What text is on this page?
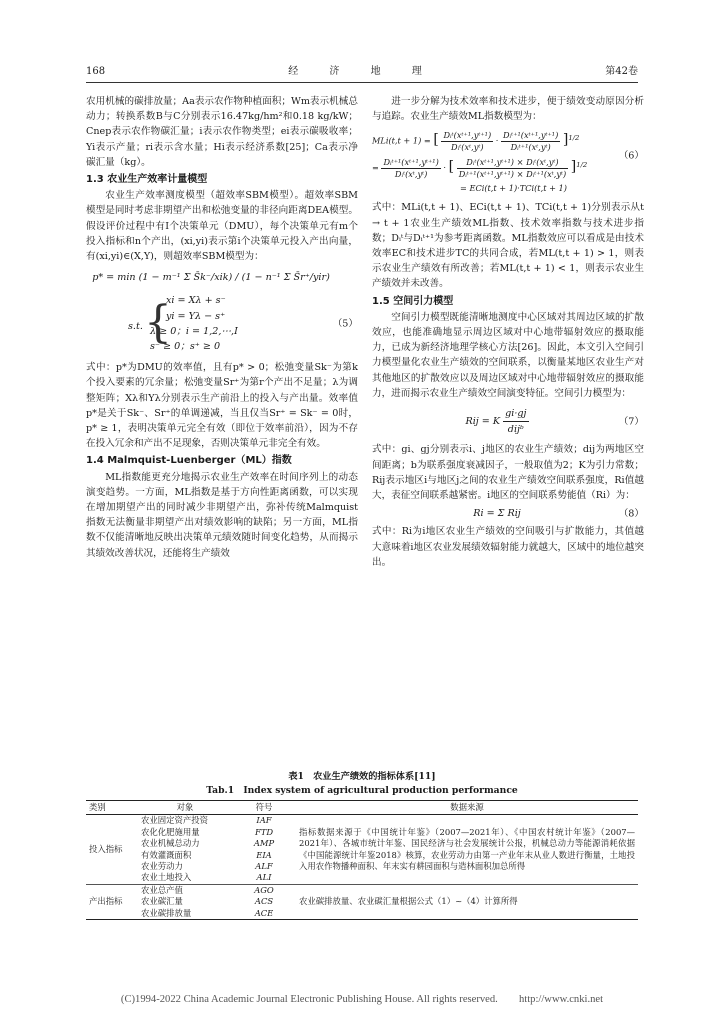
168	经 济 地 理	第42卷

农用机械的碳排放量；Aa表示农作物种植面积；Wm表示机械总动力；转换系数B与C分别表示16.47kg/hm²和0.18 kg/kW；Cnep表示农作物碳汇量；i表示农作物类型；ei表示碳吸收率；Yi表示产量；ri表示含水量；Hi表示经济系数[25]；Ca表示净碳汇量（kg）。

1.3 农业生产效率计量模型

农业生产效率测度模型（超效率SBM模型）。超效率SBM模型是同时考虑非期望产出和松弛变量的非径向距离DEA模型。假设评价过程中有I个决策单元（DMU），每个决策单元有m个投入指标和n个产出，(xi,yi)表示第i个决策单元投入产出向量，有(xi,yi)∈(X,Y)，则超效率SBM模型为：

p* = min (1 − m⁻¹ Σ S̄k⁻/xik) / (1 − n⁻¹ Σ S̄r⁺/yir)
s.t. {
xi = Xλ + s⁻
yi = Yλ − s⁺
λ ≥ 0；i = 1,2,⋯,I
s⁻ ≥ 0；s⁺ ≥ 0
（5）

式中：p*为DMU的效率值，且有p* > 0；松弛变量Sk⁻为第k个投入要素的冗余量；松弛变量Sr⁺为第r个产出不足量；λ为调整矩阵；Xλ和Yλ分别表示生产前沿上的投入与产出量。效率值p*是关于Sk⁻、Sr⁺的单调递减，当且仅当Sr⁺ = Sk⁻ = 0时，p* ≥ 1，表明决策单元完全有效（即位于效率前沿），因为不存在投入冗余和产出不足现象，否则决策单元非完全有效。

1.4 Malmquist-Luenberger（ML）指数

ML指数能更充分地揭示农业生产效率在时间序列上的动态演变趋势。一方面，ML指数是基于方向性距离函数，可以实现在增加期望产出的同时减少非期望产出，弥补传统Malmquist指数无法衡量非期望产出对绩效影响的缺陷；另一方面，ML指数不仅能清晰地反映出决策单元绩效随时间变化趋势，从而揭示其绩效改善状况，还能将生产绩效

进一步分解为技术效率和技术进步，便于绩效变动原因分析与追踪。农业生产绩效ML指数模型为：

MLi(t,t + 1) = [ $\frac{\text{Dᵢᵗ(xᵗ⁺¹,yᵗ⁺¹)}}{\text{Dᵢᵗ(xᵗ,yᵗ)}} \cdot \frac{\text{Dᵢᵗ⁺¹(xᵗ⁺¹,yᵗ⁺¹)}}{\text{Dᵢᵗ⁺¹(xᵗ,yᵗ)}} ]^{1/2}$
= $\frac{\text{Dᵢᵗ⁺¹(xᵗ⁺¹,yᵗ⁺¹)}}{\text{Dᵢᵗ(xᵗ,yᵗ)}}$ · [ $\frac{\text{Dᵢᵗ(xᵗ⁺¹,yᵗ⁺¹) × Dᵢᵗ(xᵗ,yᵗ)}}{\text{Dᵢᵗ⁺¹(xᵗ⁺¹,yᵗ⁺¹) × Dᵢᵗ⁺¹(xᵗ,yᵗ)}} ]^{1/2}$
= ECi(t,t + 1)·TCi(t,t + 1)
（6）

式中：MLi(t,t + 1)、ECi(t,t + 1)、TCi(t,t + 1)分别表示从t → t + 1农业生产绩效ML指数、技术效率指数与技术进步指数；Dᵢᵗ与Dᵢᵗ⁺¹为参考距离函数。ML指数效应可以看成是由技术效率EC和技术进步TC的共同合成，若ML(t,t + 1) > 1，则表示农业生产绩效有所改善；若ML(t,t + 1) < 1，则表示农业生产绩效并未改善。

1.5 空间引力模型

空间引力模型既能清晰地测度中心区域对其周边区域的扩散效应，也能准确地显示周边区域对中心地带辐射效应的摄取能力，已成为新经济地理学核心方法[26]。因此，本文引入空间引力模型量化农业生产绩效的空间联系，以衡量某地区农业生产对其他地区的扩散效应以及周边区域对中心地带辐射效应的摄取能力，进而揭示农业生产绩效空间演变特征。空间引力模型为：

Rij = K $\frac{gi\cdot gj}{\text{dijᵇ}}$	（7）

式中：gi、gj分别表示i、j地区的农业生产绩效；dij为两地区空间距离；b为联系强度衰减因子，一般取值为2；K为引力常数；Rij表示地区i与地区j之间的农业生产绩效空间联系强度，Ri值越大，表征空间联系越紧密。i地区的空间联系势能值（Ri）为：

Ri = Σ Rij	（8）

式中：Ri为i地区农业生产绩效的空间吸引与扩散能力，其值越大意味着i地区农业发展绩效辐射能力就越大，区域中的地位越突出。

表1　农业生产绩效的指标体系[11]
Tab.1　Index system of agricultural production performance
类别	对象	符号	数据来源
投入指标	农业固定资产投资	IAF	指标数据来源于《中国统计年鉴》（2007—2021年）、《中国农村统计年鉴》（2007—2021年）、各城市统计年鉴、国民经济与社会发展统计公报，机械总动力等能源消耗依据《中国能源统计年鉴2018》核算，农业劳动力由第一产业年末从业人数进行衡量，土地投入用农作物播种面积、年末实有耕园面积与造林面积加总所得
	农化化肥施用量	FTD	
	农业机械总动力	AMP	
	有效灌溉面积	EIA	
	农业劳动力	ALF	
	农业土地投入	ALI	
产出指标	农业总产值	AGO	农业碳排放量、农业碳汇量根据公式（1）~（4）计算所得
	农业碳汇量	ACS	
	农业碳排放量	ACE	
(C)1994-2022 China Academic Journal Electronic Publishing House. All rights reserved.　　http://www.cnki.net
